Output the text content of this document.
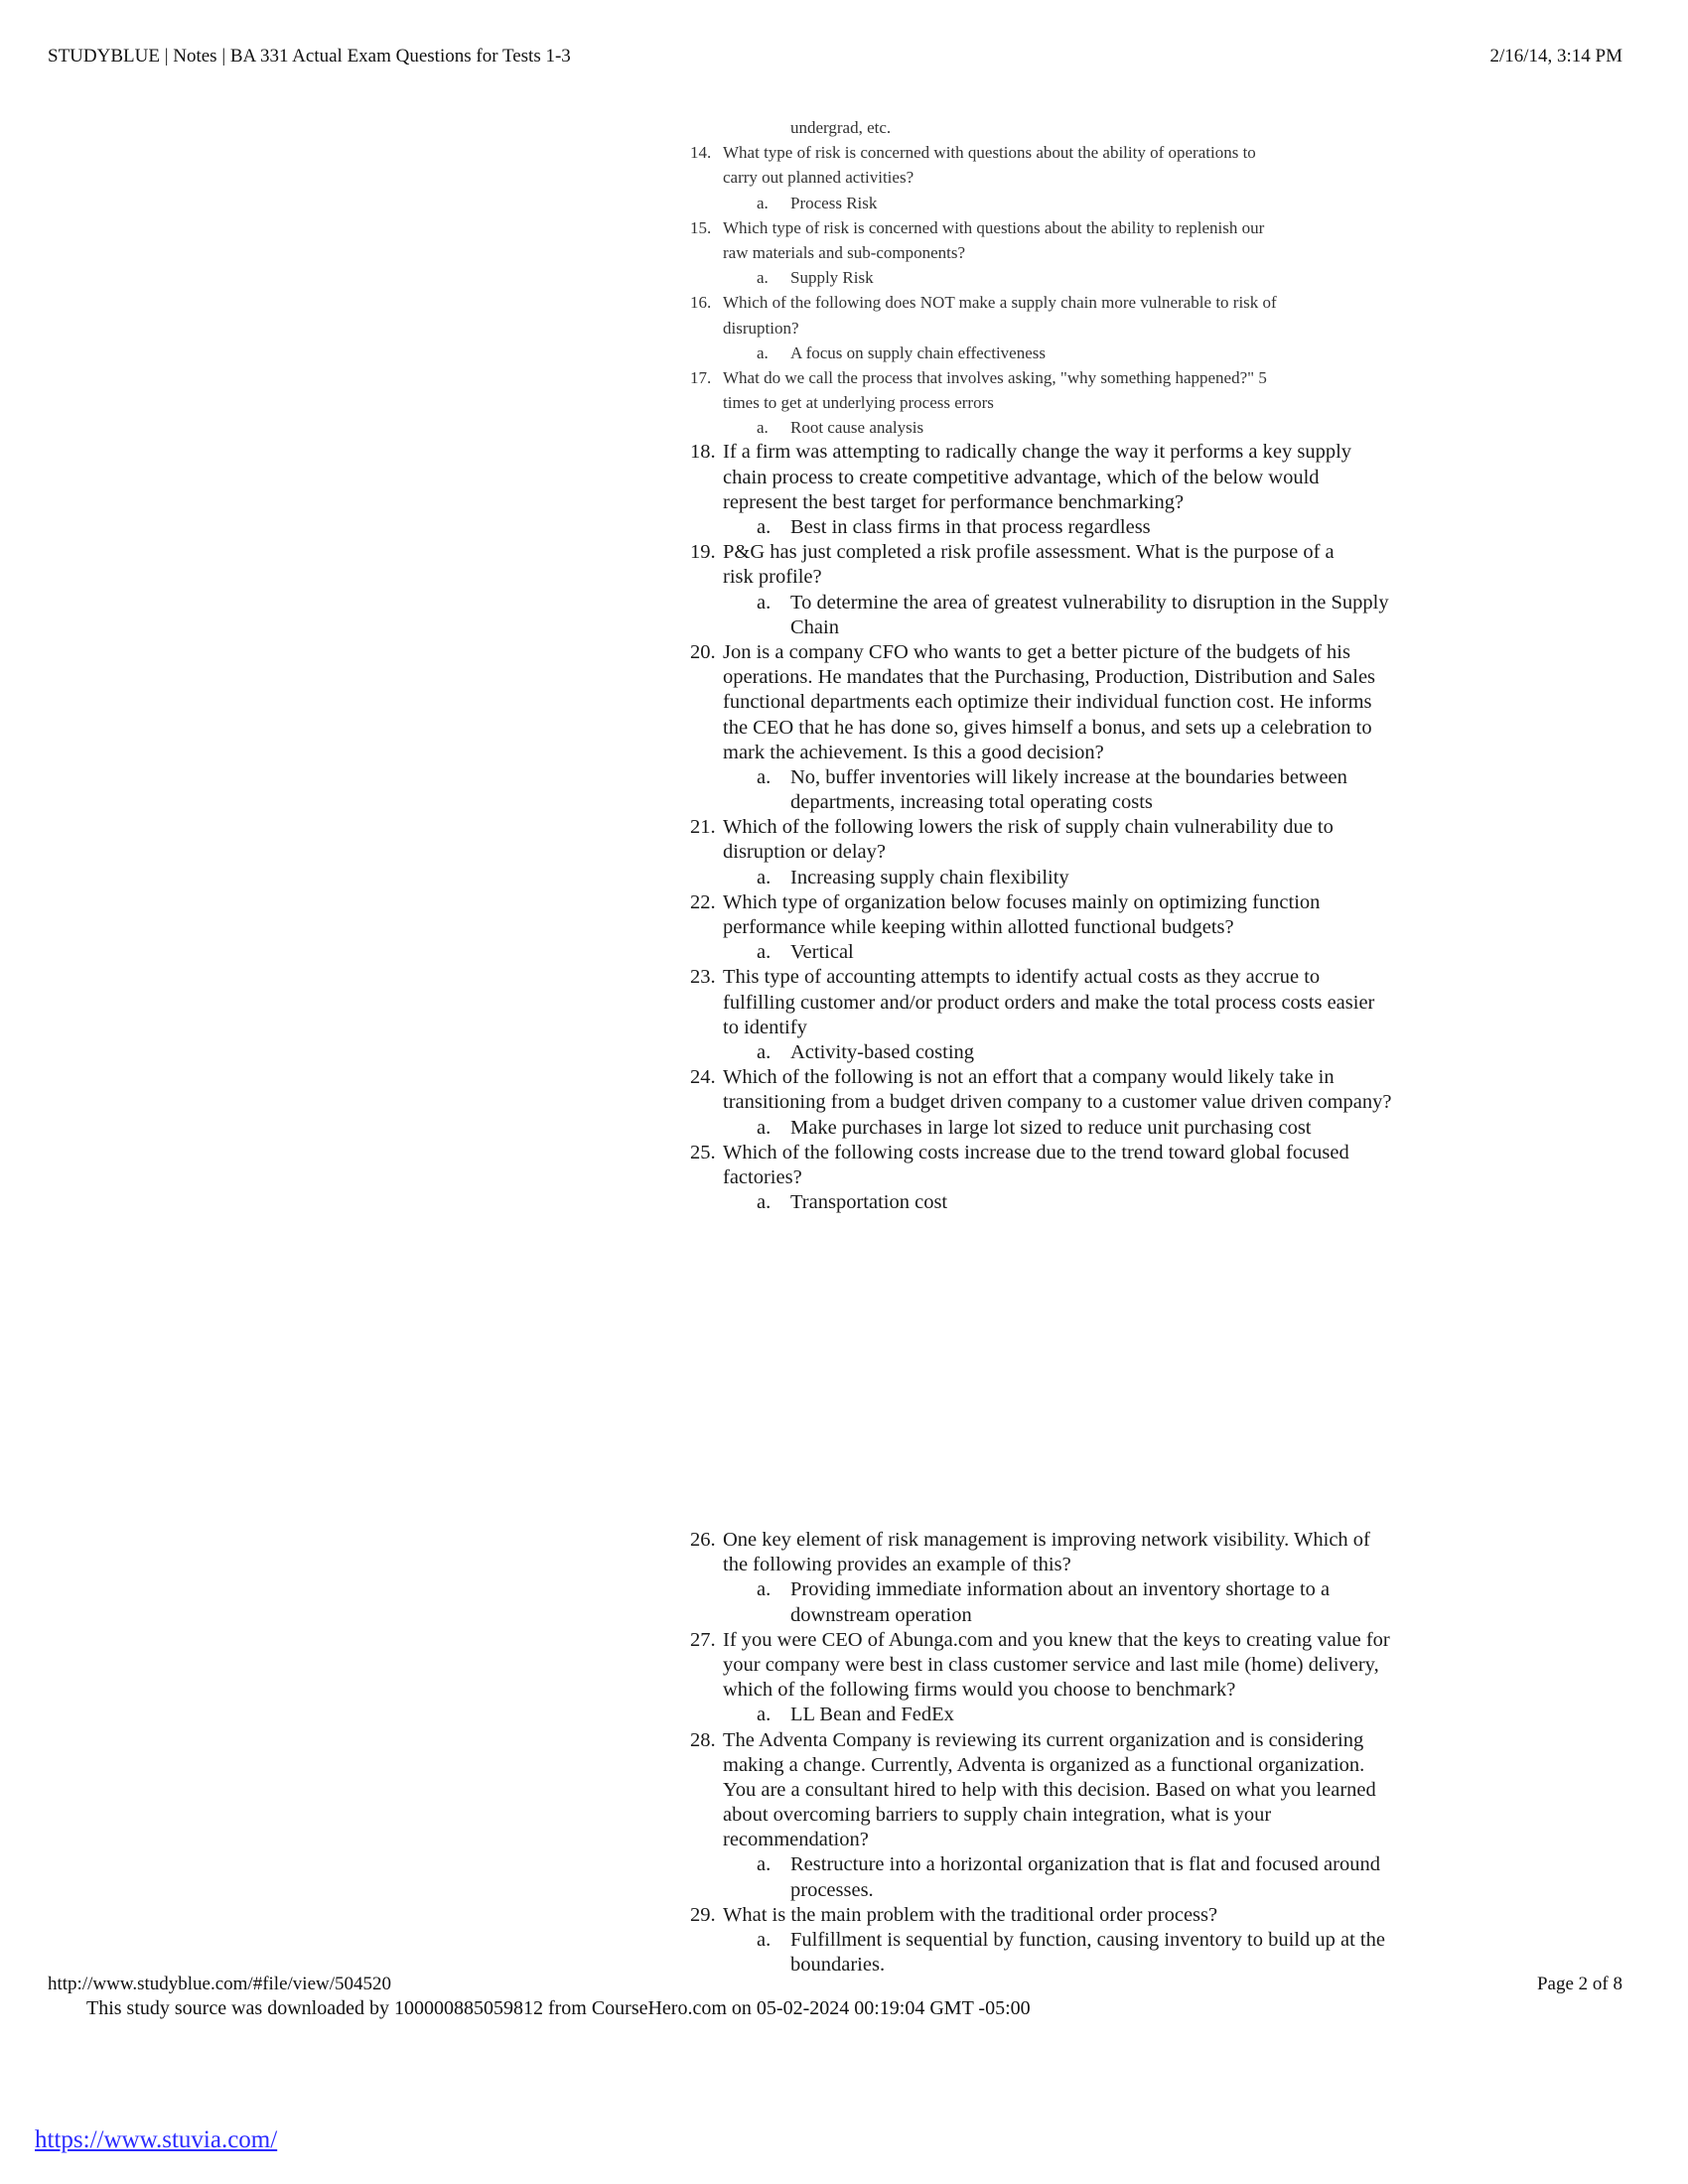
STUDYBLUE | Notes | BA 331 Actual Exam Questions for Tests 1-3	2/16/14, 3:14 PM
undergrad, etc.
14. What type of risk is concerned with questions about the ability of operations to
carry out planned activities?
a. Process Risk
15. Which type of risk is concerned with questions about the ability to replenish our
raw materials and sub-components?
a. Supply Risk
16. Which of the following does NOT make a supply chain more vulnerable to risk of
disruption?
a. A focus on supply chain effectiveness
17. What do we call the process that involves asking, "why something happened?" 5
times to get at underlying process errors
a. Root cause analysis
18. If a firm was attempting to radically change the way it performs a key supply
chain process to create competitive advantage, which of the below would
represent the best target for performance benchmarking?
a. Best in class firms in that process regardless
19. P&G has just completed a risk profile assessment. What is the purpose of a
risk profile?
a. To determine the area of greatest vulnerability to disruption in the Supply
Chain
20. Jon is a company CFO who wants to get a better picture of the budgets of his
operations. He mandates that the Purchasing, Production, Distribution and Sales
functional departments each optimize their individual function cost. He informs
the CEO that he has done so, gives himself a bonus, and sets up a celebration to
mark the achievement. Is this a good decision?
a. No, buffer inventories will likely increase at the boundaries between
departments, increasing total operating costs
21. Which of the following lowers the risk of supply chain vulnerability due to
disruption or delay?
a. Increasing supply chain flexibility
22. Which type of organization below focuses mainly on optimizing function
performance while keeping within allotted functional budgets?
a. Vertical
23. This type of accounting attempts to identify actual costs as they accrue to
fulfilling customer and/or product orders and make the total process costs easier
to identify
a. Activity-based costing
24. Which of the following is not an effort that a company would likely take in
transitioning from a budget driven company to a customer value driven company?
a. Make purchases in large lot sized to reduce unit purchasing cost
25. Which of the following costs increase due to the trend toward global focused
factories?
a. Transportation cost
26. One key element of risk management is improving network visibility. Which of
the following provides an example of this?
a. Providing immediate information about an inventory shortage to a
downstream operation
27. If you were CEO of Abunga.com and you knew that the keys to creating value for
your company were best in class customer service and last mile (home) delivery,
which of the following firms would you choose to benchmark?
a. LL Bean and FedEx
28. The Adventa Company is reviewing its current organization and is considering
making a change. Currently, Adventa is organized as a functional organization.
You are a consultant hired to help with this decision. Based on what you learned
about overcoming barriers to supply chain integration, what is your
recommendation?
a. Restructure into a horizontal organization that is flat and focused around
processes.
29. What is the main problem with the traditional order process?
a. Fulfillment is sequential by function, causing inventory to build up at the
boundaries.
http://www.studyblue.com/#file/view/504520	Page 2 of 8
This study source was downloaded by 100000885059812 from CourseHero.com on 05-02-2024 00:19:04 GMT -05:00
https://www.stuvia.com/
